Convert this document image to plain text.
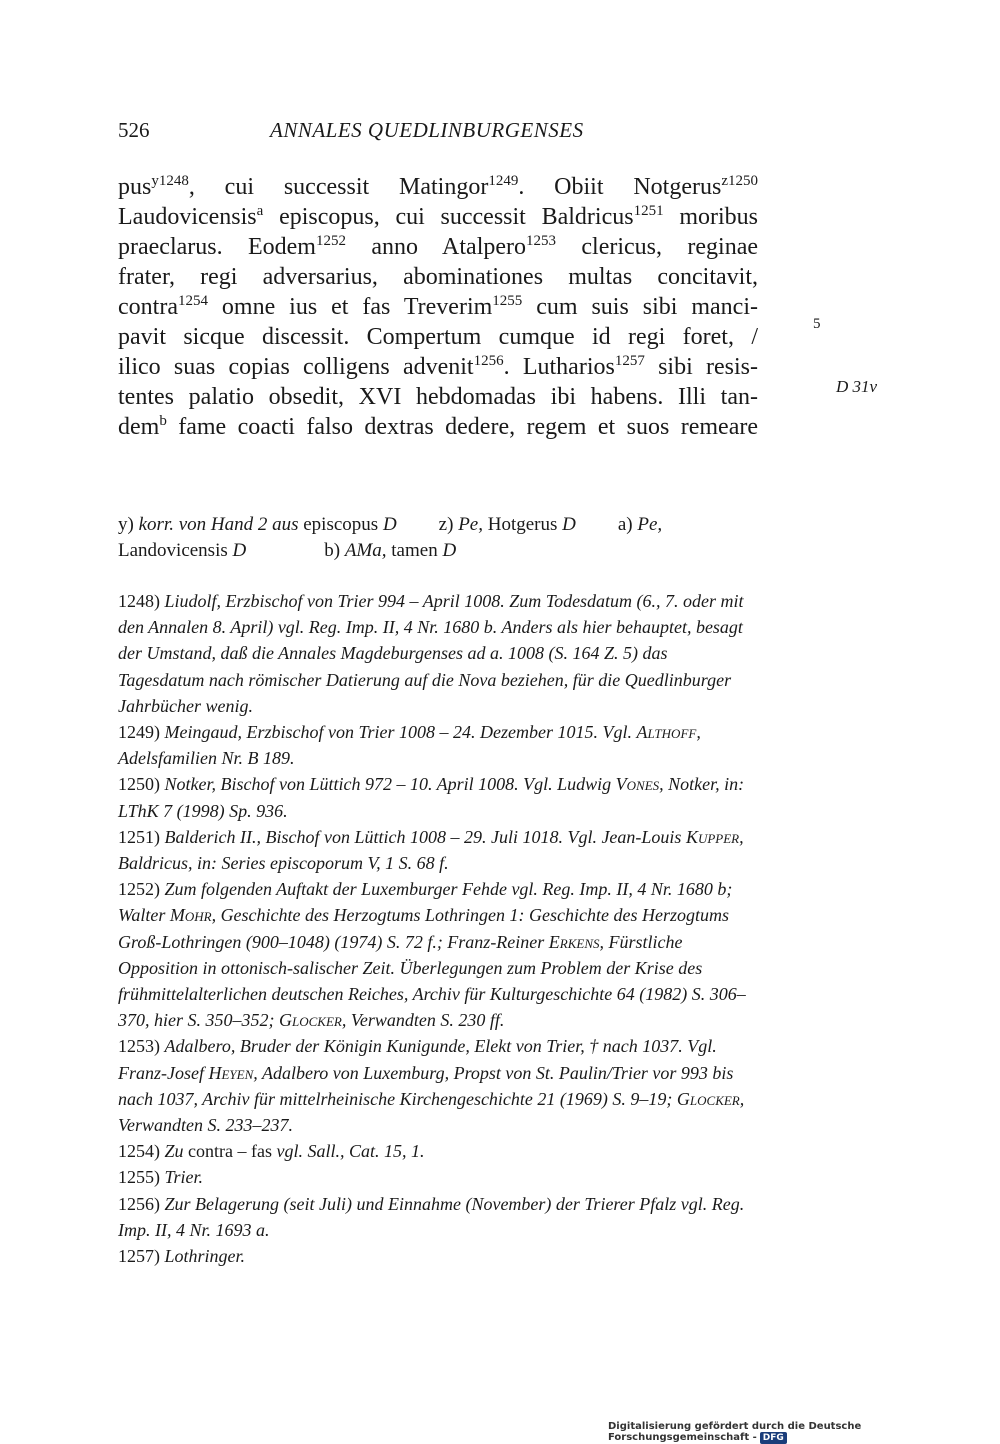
526	ANNALES QUEDLINBURGENSES
pus$^{y1248}$, cui successit Matingor$^{1249}$. Obiit Notgerus$^{z1250}$
Laudovicensis$^a$ episcopus, cui successit Baldricus$^{1251}$ moribus
praeclarus. Eodem$^{1252}$ anno Atalpero$^{1253}$ clericus, reginae
frater, regi adversarius, abominationes multas concitavit,
contra$^{1254}$ omne ius et fas Treverim$^{1255}$ cum suis sibi manci-
pavit sicque discessit. Compertum cumque id regi foret, /
ilico suas copias colligens advenit$^{1256}$. Lutharios$^{1257}$ sibi resis-
tentes palatio obsedit, XVI hebdomadas ibi habens. Illi tan-
dem$^b$ fame coacti falso dextras dedere, regem et suos remeare
5
D 31v
y) korr. von Hand 2 aus episcopus D z) Pe, Hotgerus D a) Pe,
Landovicensis D	b) AMa, tamen D
1248) Liudolf, Erzbischof von Trier 994 – April 1008. Zum Todesdatum (6., 7. oder mit den Annalen 8. April) vgl. Reg. Imp. II, 4 Nr. 1680 b. Anders als hier behauptet, besagt der Umstand, daß die Annales Magdeburgenses ad a. 1008 (S. 164 Z. 5) das Tagesdatum nach römischer Datierung auf die Nova beziehen, für die Quedlinburger Jahrbücher wenig.
1249) Meingaud, Erzbischof von Trier 1008 – 24. Dezember 1015. Vgl. Althoff, Adelsfamilien Nr. B 189.
1250) Notker, Bischof von Lüttich 972 – 10. April 1008. Vgl. Ludwig Vones, Notker, in: LThK 7 (1998) Sp. 936.
1251) Balderich II., Bischof von Lüttich 1008 – 29. Juli 1018. Vgl. Jean-Louis Kupper, Baldricus, in: Series episcoporum V, 1 S. 68 f.
1252) Zum folgenden Auftakt der Luxemburger Fehde vgl. Reg. Imp. II, 4 Nr. 1680 b; Walter Mohr, Geschichte des Herzogtums Lothringen 1: Geschichte des Herzogtums Groß-Lothringen (900–1048) (1974) S. 72 f.; Franz-Reiner Erkens, Fürstliche Opposition in ottonisch-salischer Zeit. Überlegungen zum Problem der Krise des frühmittelalterlichen deutschen Reiches, Archiv für Kulturgeschichte 64 (1982) S. 306–370, hier S. 350–352; Glocker, Verwandten S. 230 ff.
1253) Adalbero, Bruder der Königin Kunigunde, Elekt von Trier, † nach 1037. Vgl. Franz-Josef Heyen, Adalbero von Luxemburg, Propst von St. Paulin/Trier vor 993 bis nach 1037, Archiv für mittelrheinische Kirchengeschichte 21 (1969) S. 9–19; Glocker, Verwandten S. 233–237.
1254) Zu contra – fas vgl. Sall., Cat. 15, 1.
1255) Trier.
1256) Zur Belagerung (seit Juli) und Einnahme (November) der Trierer Pfalz vgl. Reg. Imp. II, 4 Nr. 1693 a.
1257) Lothringer.
Digitalisierung gefördert durch die Deutsche Forschungsgemeinschaft - DFG
